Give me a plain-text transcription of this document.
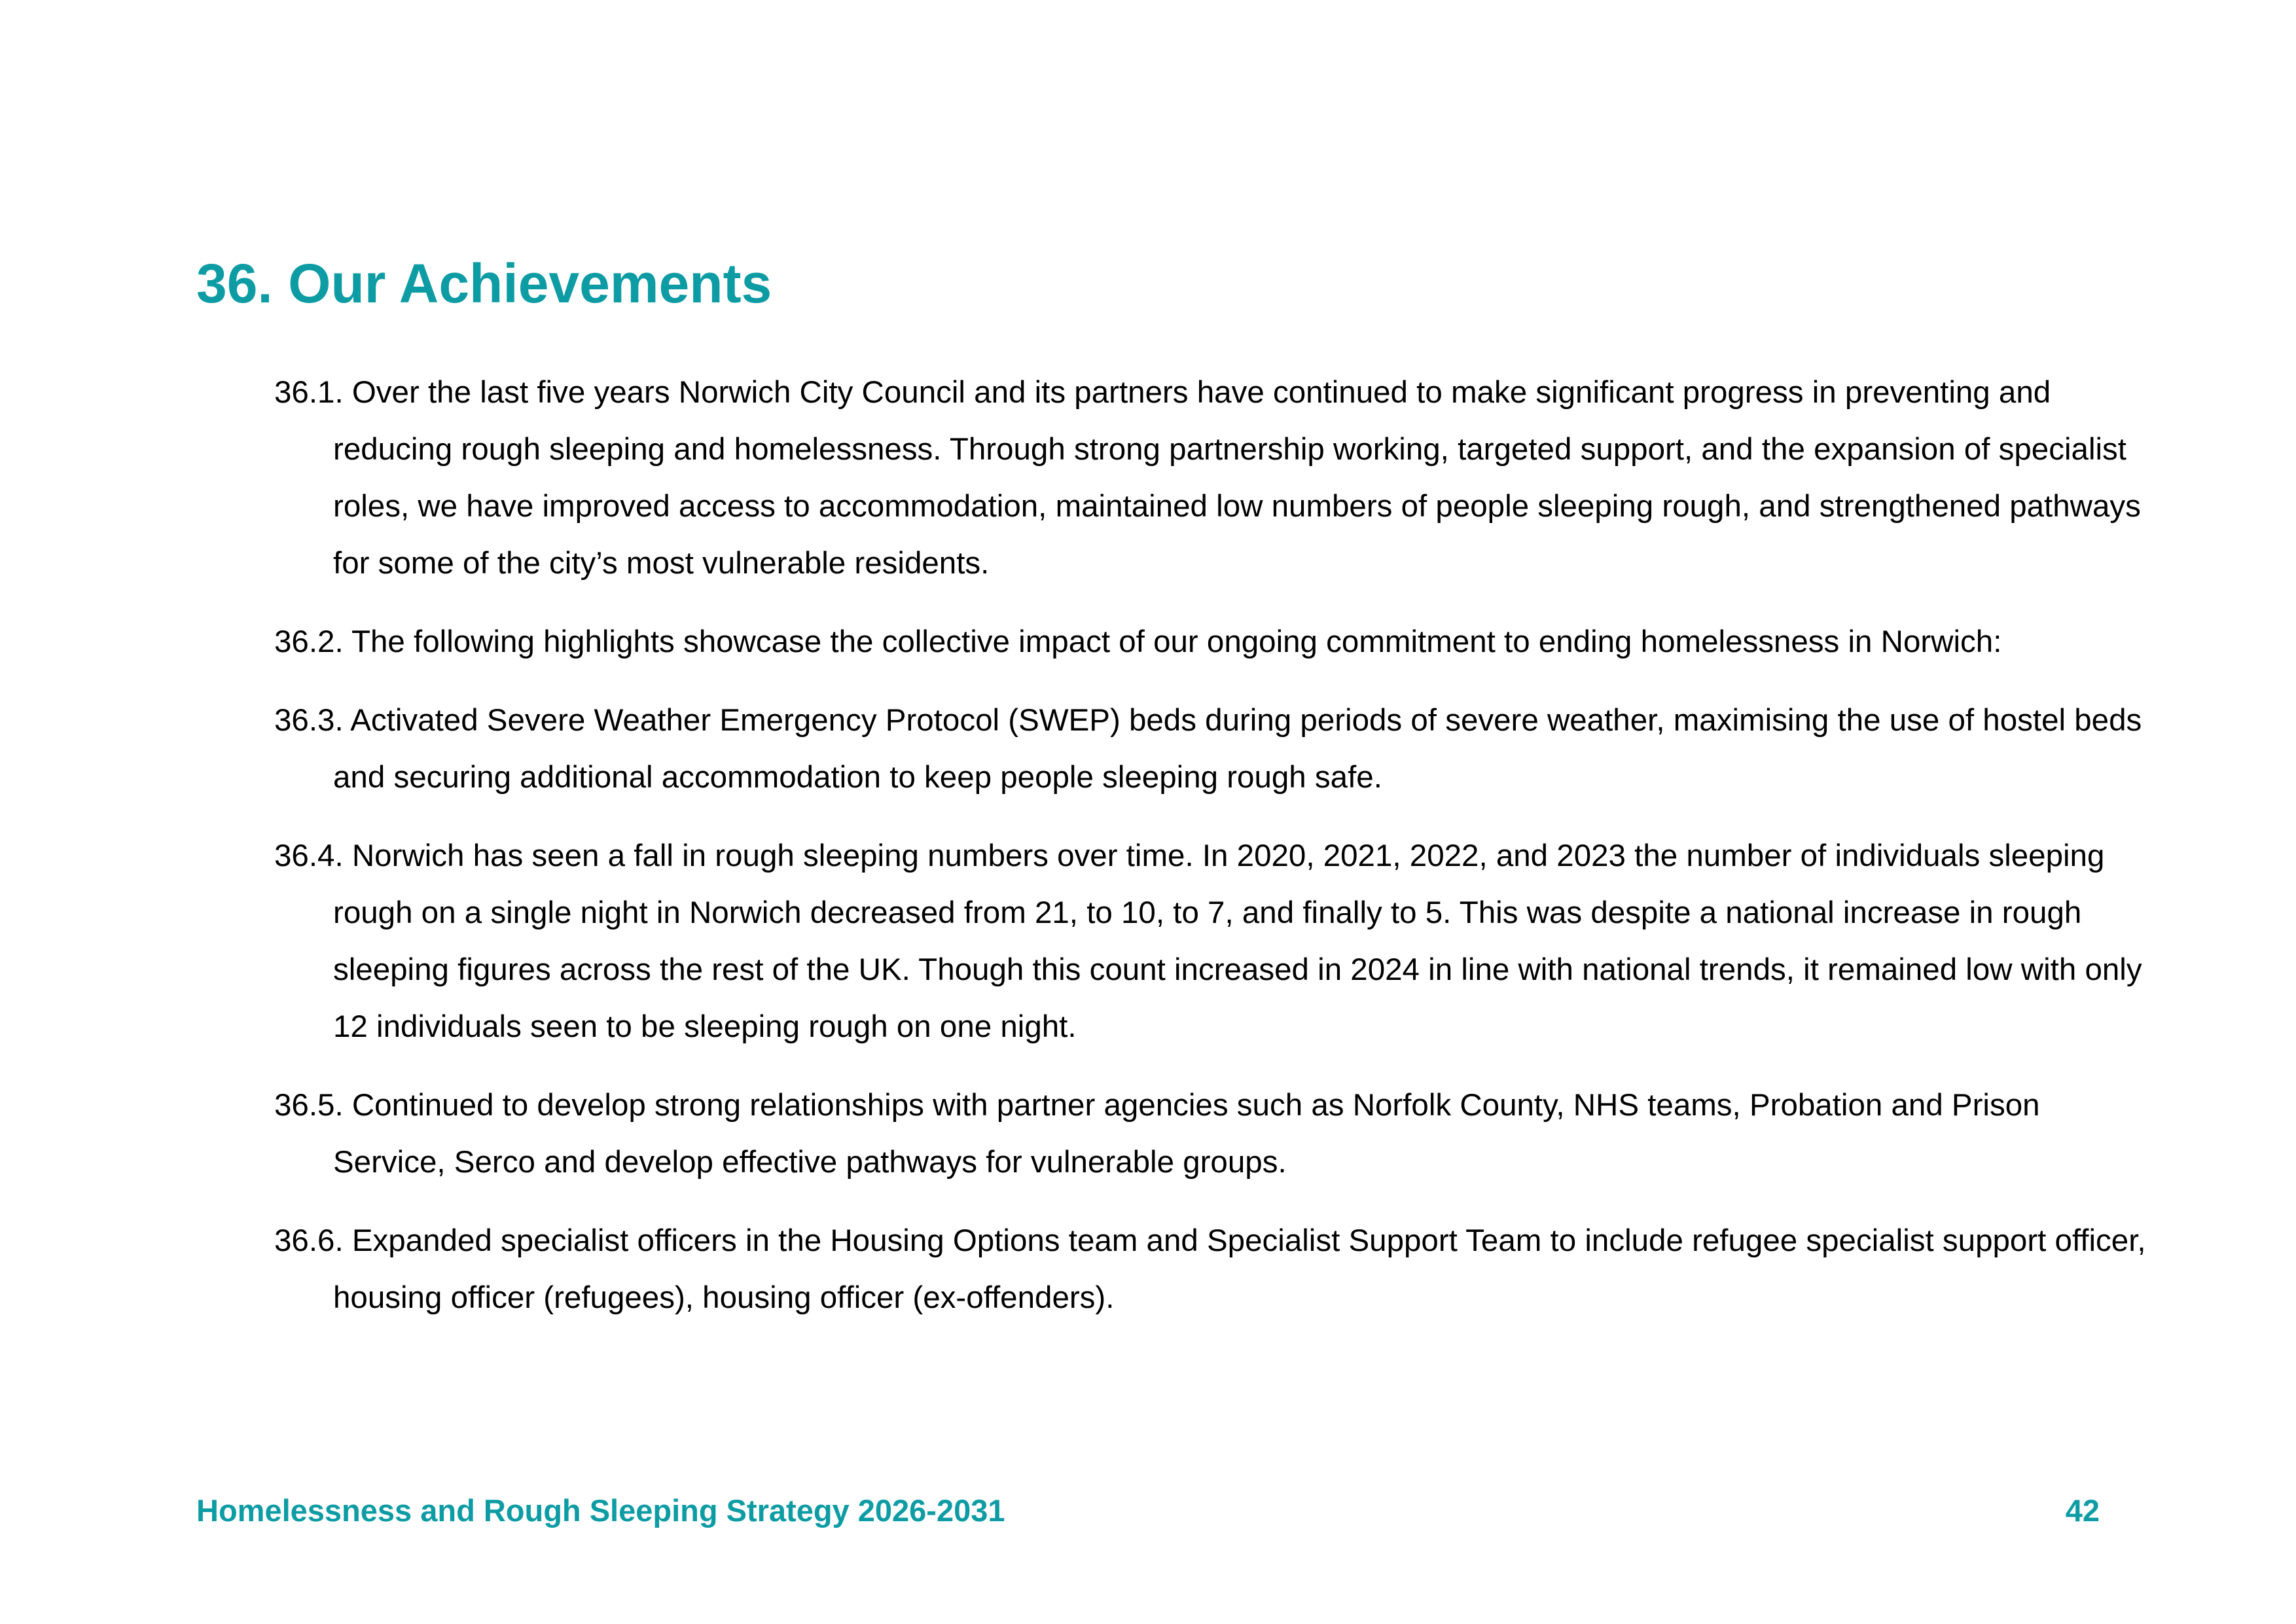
36. Our Achievements
36.1. Over the last five years Norwich City Council and its partners have continued to make significant progress in preventing and reducing rough sleeping and homelessness. Through strong partnership working, targeted support, and the expansion of specialist roles, we have improved access to accommodation, maintained low numbers of people sleeping rough, and strengthened pathways for some of the city’s most vulnerable residents.
36.2. The following highlights showcase the collective impact of our ongoing commitment to ending homelessness in Norwich:
36.3. Activated Severe Weather Emergency Protocol (SWEP) beds during periods of severe weather, maximising the use of hostel beds and securing additional accommodation to keep people sleeping rough safe.
36.4. Norwich has seen a fall in rough sleeping numbers over time. In 2020, 2021, 2022, and 2023 the number of individuals sleeping rough on a single night in Norwich decreased from 21, to 10, to 7, and finally to 5. This was despite a national increase in rough sleeping figures across the rest of the UK. Though this count increased in 2024 in line with national trends, it remained low with only 12 individuals seen to be sleeping rough on one night.
36.5. Continued to develop strong relationships with partner agencies such as Norfolk County, NHS teams, Probation and Prison Service, Serco and develop effective pathways for vulnerable groups.
36.6. Expanded specialist officers in the Housing Options team and Specialist Support Team to include refugee specialist support officer, housing officer (refugees), housing officer (ex-offenders).
Homelessness and Rough Sleeping Strategy 2026-2031	42
